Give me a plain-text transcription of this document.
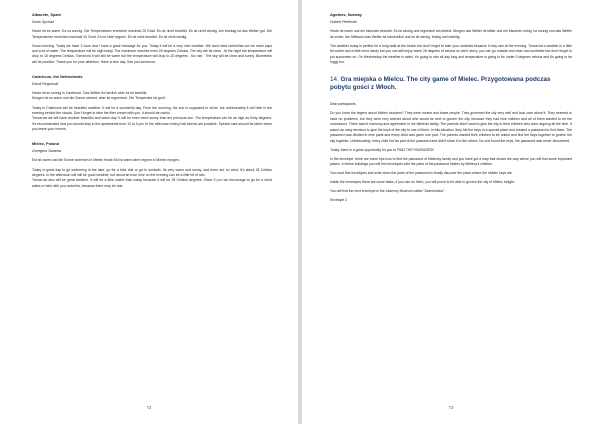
Albacete, Spain
Dario Sychari

Heute ist es warm. Es ist sonnig. Die Temperaturen erreichen maximal 25 Grad. Es ist nicht bewölkt. Es ist nicht windig. Am Montag ist das Wetter gut. Die Temperaturen erreichen maximal 20 Grad. Es ist nicht regnen. Es ist nicht bewölkt. Es ist nicht windig.

Good morning. Today we have 3 June and I have a good message for you. Today it will be a very nice weather. We dont need umbrellas but we need caps and a lot of water. The temperature will be high today. The maximum reaches even 25 degrees Celsius. The sky will be clear . At the night the temperature will drop to 18 degrees Celsius. Tomorrow it will still be warm but the temperature will drop to 20 degrees . No rain . The sky will be clear and sunny. Biometrics will be positive. Thank you for your attention. Have a nice day. See you tomorrow.

Castricum, the Netherlands
Kamil Rogowski

Heute ist es sonnig in Castricum. Das Wetter ist herrlich aber es ist bewölkt.
Morgen ist es warm und die Sonne scheint, aber ist regnerisch. Die Temperatur ist groß.

Today in Castricum will be beautiful weather. It will be a wonderful day. From the morning, the sun is supposed to shine, but unfortunately it will hide in the evening behind the clouds. Don't forget to take the filter cream with you, it should be useful.
Tomorrow we will have another beautiful and warm day. It will be even more sunny than the previous one. The temperature can be as high as thirty degrees. It's recommended that you should stay in the apartments from 12 to 3 pm. In the afternoon heavy hail storms are possible. Special care should be taken when you leave your homes.

Mielec, Poland
Grzegorz Sarama

Est ist warm und die Sonne scheinen in Mielec heute.Est ist warm aber regnen in Mielec morgen.

Today is great day to go swimming in the lake, go for a bike ride or go to sunbath. Its very warm and sunny, and there are no wind. It's about 28 Celsius degrees. In the afternoon will still be good weather, but about an hour nine on the evening can be a little bit of rain.
Tomorrow also will be great weather. It will be a little colder than today because it will be 25 Celsius degrees. Since 3 p.m we encourage to go for a short walks or take with you umbrella, because there may be rain.

72
Agotnes, Norway
Hubert Pieleński

Heute ist warm und ein bisschen bewolkt. Es ist windig und regneisch am Abend. Morgen das Wetter ist kälter und ein bisschen nebig. Ist sonnig und das Wetter ist schön. Am Mittwoch das Wetter ist schrecklich und es ist windig, frostig und nebelig.

The weather today is perfect for a long walk at the beach but don't forget to take your umbrella because it may rain at the evening. Tomorrow's weather is a little bit colder and a little more windy but you can still enjoy warm 26 degrees of celsius so don't worry, you can go outside and relax and sunbathe but don't forget to put sunscreen on. On Wednesday the weather is awful, it's going to rain all day long and temperature is going to be under 0 degrees celsius and it's going to be foggy too.

14. Gra miejska o Mielcu. The city game of Mielec. Przygotowana podczas pobytu gości z Włoch.

Dear participants,

Do you know the legend about Mielec founders? They were honest and brave people. They governed the city very well and took care about it. They seemed to have no problems, but they were very worried about who would be next to govern the city, because they had nine children and all of them wanted to be the successors. There wasn't harmony and agreement in the Mielecki family. The parents didn't want to give the city to their children who were arguing all the time. It wasn't an easy decision to give the keys of the city to one of them. In this situation, they hid the keys in a special place and created a password to find them. The password was divided in nine parts and every child was given one part. The parents wanted their children to be united and find the keys together to govern the city together. Unfortunately, every child hid his part of the password and didn't show it to the others. No one found the keys, the password was never discovered.

Today, there is a great opportunity for you to FIND THE PASSWORD!

In the envelope, there are some tips how to find the password of Mielecky family and you have got a map that shows the way where you will find some important places. In these buildings you will find envelopes with the parts of the password hidden by Mielecy's children.

You must find envelopes and write down the parts of the password to finally discover the place where the hidden keys are.

Inside the envelopes there are some tasks, if you can do them, you will prove to be able to govern the city of Mielec tonight.

You will find the next envelope in the Jadermy Museum called "Jadernówka".

Envelope 2

73
